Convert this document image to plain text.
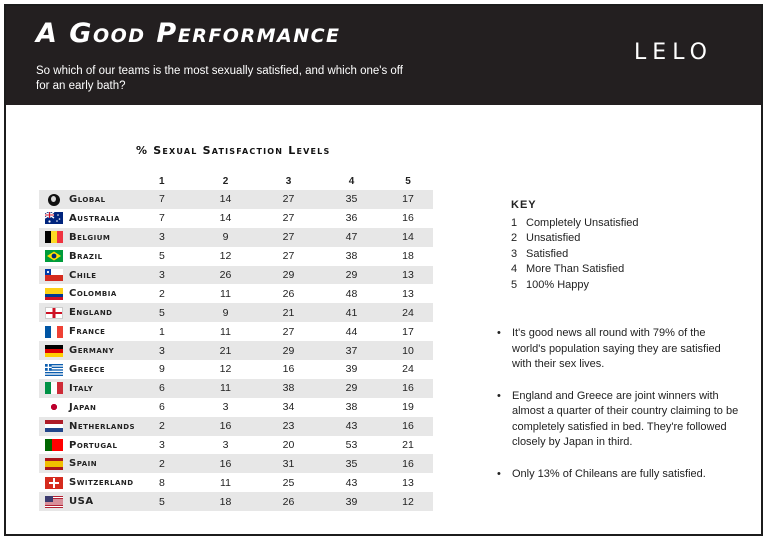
A Good Performance
So which of our teams is the most sexually satisfied, and which one's off for an early bath?
LELO
% Sexual Satisfaction Levels
		1	2	3	4	5
	Global	7	14	27	35	17

	Australia	7	14	27	36	16
	Belgium	3	9	27	47	14

	Brazil	5	12	27	38	18

	Chile	3	26	29	29	13
	Colombia	2	11	26	48	13
	England	5	9	21	41	24
	France	1	11	27	44	17
	Germany	3	21	29	37	10

	Greece	9	12	16	39	24
	Italy	6	11	38	29	16
	Japan	6	3	34	38	19
	Netherlands	2	16	23	43	16
	Portugal	3	3	20	53	21
	Spain	2	16	31	35	16
	Switzerland	8	11	25	43	13
	USA	5	18	26	39	12
KEY
1 Completely Unsatisfied
2 Unsatisfied
3 Satisfied
4 More Than Satisfied
5 100% Happy
• It's good news all round with 79% of the world's population saying they are satisfied with their sex lives.
• England and Greece are joint winners with almost a quarter of their country claiming to be completely satisfied in bed. They're followed closely by Japan in third.
• Only 13% of Chileans are fully satisfied.
